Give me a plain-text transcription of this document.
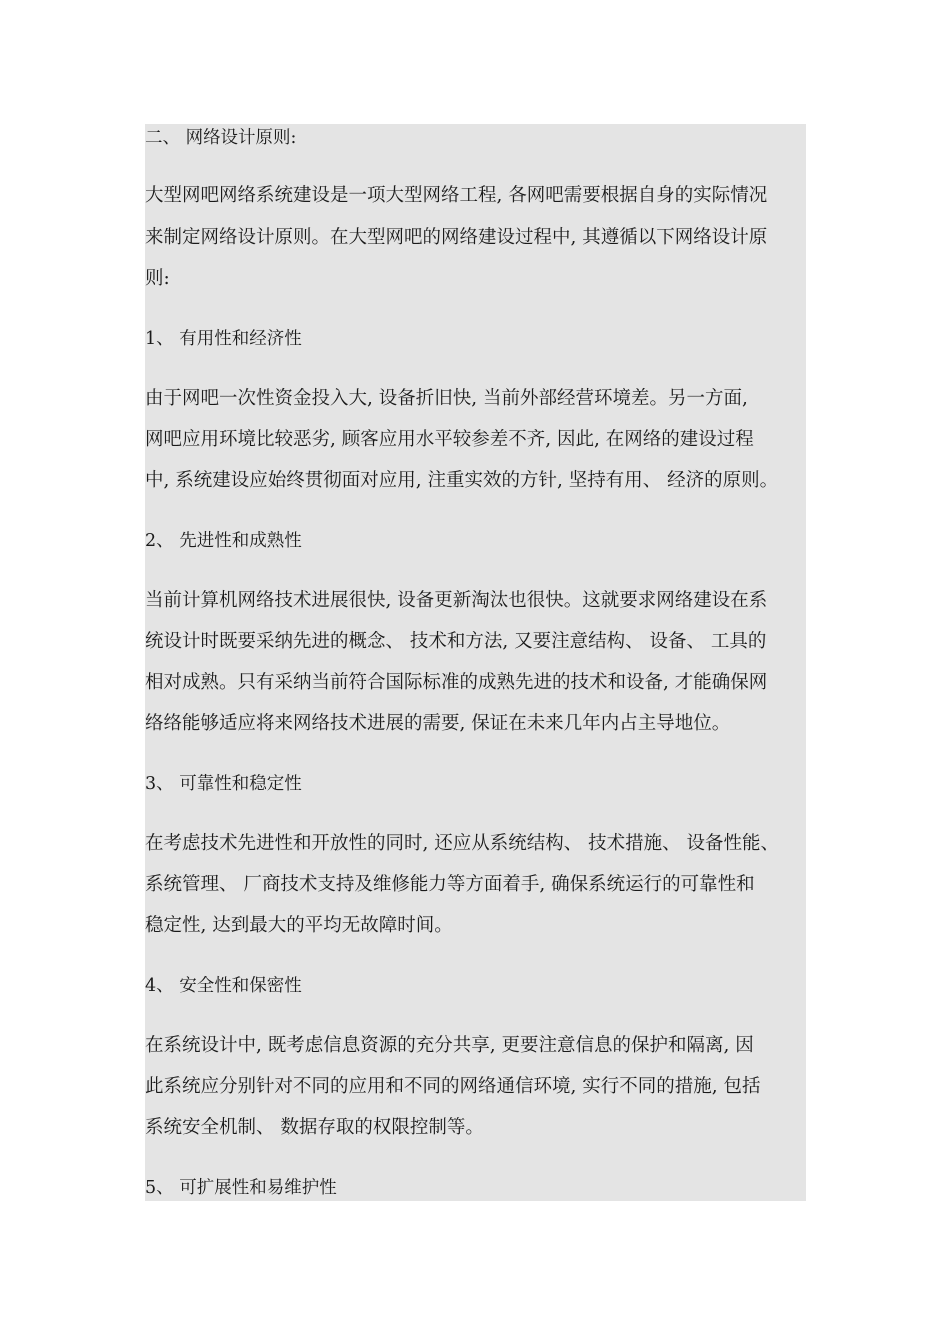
二、 网络设计原则:
大型网吧网络系统建设是一项大型网络工程, 各网吧需要根据自身的实际情况
来制定网络设计原则。在大型网吧的网络建设过程中, 其遵循以下网络设计原
则:
1、 有用性和经济性
由于网吧一次性资金投入大, 设备折旧快, 当前外部经营环境差。另一方面,
网吧应用环境比较恶劣, 顾客应用水平较参差不齐, 因此, 在网络的建设过程
中, 系统建设应始终贯彻面对应用, 注重实效的方针, 坚持有用、 经济的原则。
2、 先进性和成熟性
当前计算机网络技术进展很快, 设备更新淘汰也很快。这就要求网络建设在系
统设计时既要采纳先进的概念、 技术和方法, 又要注意结构、 设备、 工具的
相对成熟。只有采纳当前符合国际标准的成熟先进的技术和设备, 才能确保网
络络能够适应将来网络技术进展的需要, 保证在未来几年内占主导地位。
3、 可靠性和稳定性
在考虑技术先进性和开放性的同时, 还应从系统结构、 技术措施、 设备性能、
系统管理、 厂商技术支持及维修能力等方面着手, 确保系统运行的可靠性和
稳定性, 达到最大的平均无故障时间。
4、 安全性和保密性
在系统设计中, 既考虑信息资源的充分共享, 更要注意信息的保护和隔离, 因
此系统应分别针对不同的应用和不同的网络通信环境, 实行不同的措施, 包括
系统安全机制、 数据存取的权限控制等。
5、 可扩展性和易维护性
